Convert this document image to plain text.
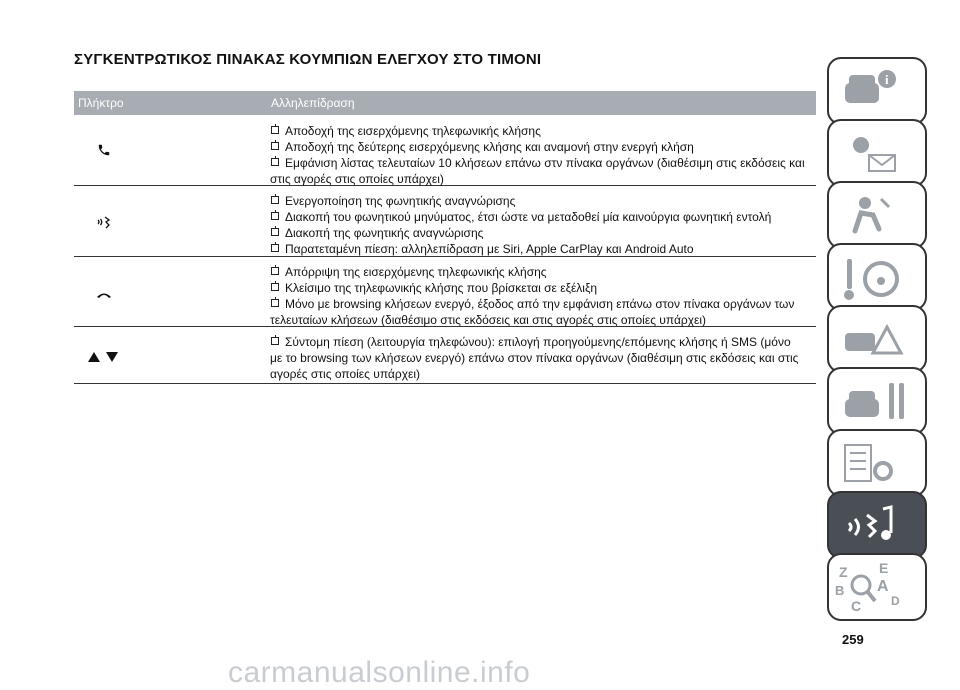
ΣΥΓΚΕΝΤΡΩΤΙΚΟΣ ΠΙΝΑΚΑΣ ΚΟΥΜΠΙΩΝ ΕΛΕΓΧΟΥ ΣΤΟ ΤΙΜΟΝΙ
Πλήκτρο	Αλληλεπίδραση
Αποδοχή της εισερχόμενης τηλεφωνικής κλήσης
Αποδοχή της δεύτερης εισερχόμενης κλήσης και αναμονή στην ενεργή κλήση
Εμφάνιση λίστας τελευταίων 10 κλήσεων επάνω στν πίνακα οργάνων (διαθέσιμη στις εκδόσεις και
στις αγορές στις οποίες υπάρχει)
Ενεργοποίηση της φωνητικής αναγνώρισης
Διακοπή του φωνητικού μηνύματος, έτσι ώστε να μεταδοθεί μία καινούργια φωνητική εντολή
Διακοπή της φωνητικής αναγνώρισης
Παρατεταμένη πίεση: αλληλεπίδραση με Siri, Apple CarPlay και Android Auto
Απόρριψη της εισερχόμενης τηλεφωνικής κλήσης
Κλείσιμο της τηλεφωνικής κλήσης που βρίσκεται σε εξέλιξη
Μόνο με browsing κλήσεων ενεργό, έξοδος από την εμφάνιση επάνω στον πίνακα οργάνων των
τελευταίων κλήσεων (διαθέσιμο στις εκδόσεις και στις αγορές στις οποίες υπάρχει)
Σύντομη πίεση (λειτουργία τηλεφώνου): επιλογή προηγούμενης/επόμενης κλήσης ή SMS (μόνο
με το browsing των κλήσεων ενεργό) επάνω στον πίνακα οργάνων (διαθέσιμη στις εκδόσεις και στις
αγορές στις οποίες υπάρχει)
259
i
Z E
B A
C D
carmanualsonline.info
